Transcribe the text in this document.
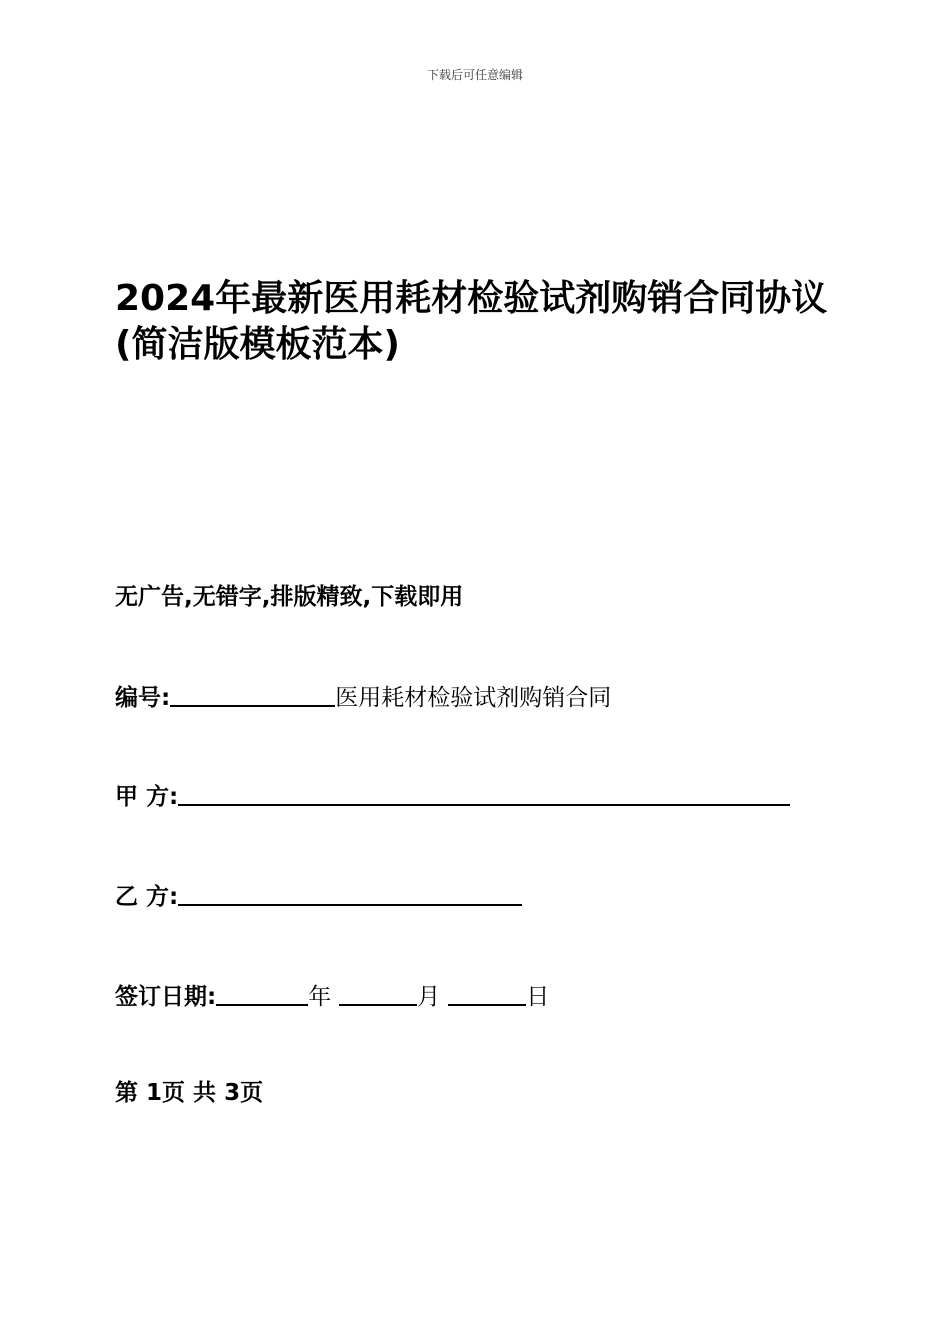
下载后可任意编辑
2024年最新医用耗材检验试剂购销合同协议(简洁版模板范本)

无广告,无错字,排版精致,下载即用

编号:	医用耗材检验试剂购销合同

甲 方:

乙 方:

签订日期:	年	月	日

第 1页 共 3页
